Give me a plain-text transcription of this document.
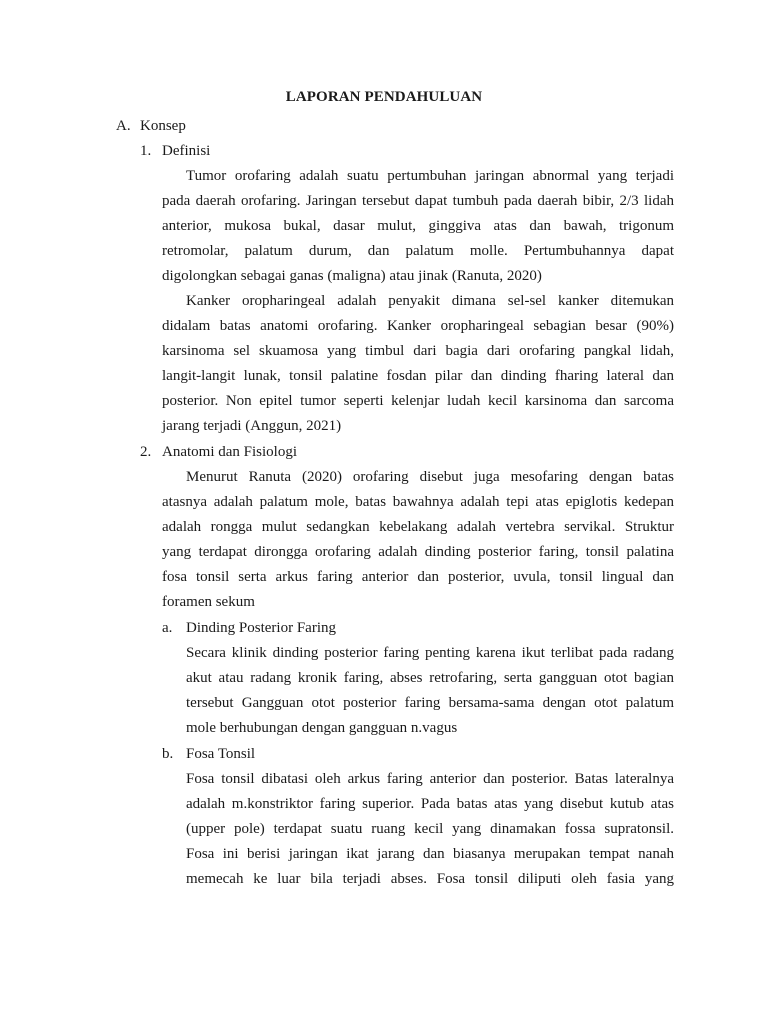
LAPORAN PENDAHULUAN
A. Konsep
1. Definisi
Tumor orofaring adalah suatu pertumbuhan jaringan abnormal yang terjadi
pada daerah orofaring. Jaringan tersebut dapat tumbuh pada daerah bibir, 2/3 lidah
anterior, mukosa bukal, dasar mulut, ginggiva atas dan bawah, trigonum
retromolar, palatum durum, dan palatum molle. Pertumbuhannya dapat
digolongkan sebagai ganas (maligna) atau jinak (Ranuta, 2020)
Kanker oropharingeal adalah penyakit dimana sel-sel kanker ditemukan
didalam batas anatomi orofaring. Kanker oropharingeal sebagian besar (90%)
karsinoma sel skuamosa yang timbul dari bagia dari orofaring pangkal lidah,
langit-langit lunak, tonsil palatine fosdan pilar dan dinding fharing lateral dan
posterior. Non epitel tumor seperti kelenjar ludah kecil karsinoma dan sarcoma
jarang terjadi (Anggun, 2021)
2. Anatomi dan Fisiologi
Menurut Ranuta (2020) orofaring disebut juga mesofaring dengan batas
atasnya adalah palatum mole, batas bawahnya adalah tepi atas epiglotis kedepan
adalah rongga mulut sedangkan kebelakang adalah vertebra servikal. Struktur
yang terdapat dirongga orofaring adalah dinding posterior faring, tonsil palatina
fosa tonsil serta arkus faring anterior dan posterior, uvula, tonsil lingual dan
foramen sekum
a. Dinding Posterior Faring
Secara klinik dinding posterior faring penting karena ikut terlibat pada radang
akut atau radang kronik faring, abses retrofaring, serta gangguan otot bagian
tersebut Gangguan otot posterior faring bersama-sama dengan otot palatum
mole berhubungan dengan gangguan n.vagus
b. Fosa Tonsil
Fosa tonsil dibatasi oleh arkus faring anterior dan posterior. Batas lateralnya
adalah m.konstriktor faring superior. Pada batas atas yang disebut kutub atas
(upper pole) terdapat suatu ruang kecil yang dinamakan fossa supratonsil.
Fosa ini berisi jaringan ikat jarang dan biasanya merupakan tempat nanah
memecah ke luar bila terjadi abses. Fosa tonsil diliputi oleh fasia yang
